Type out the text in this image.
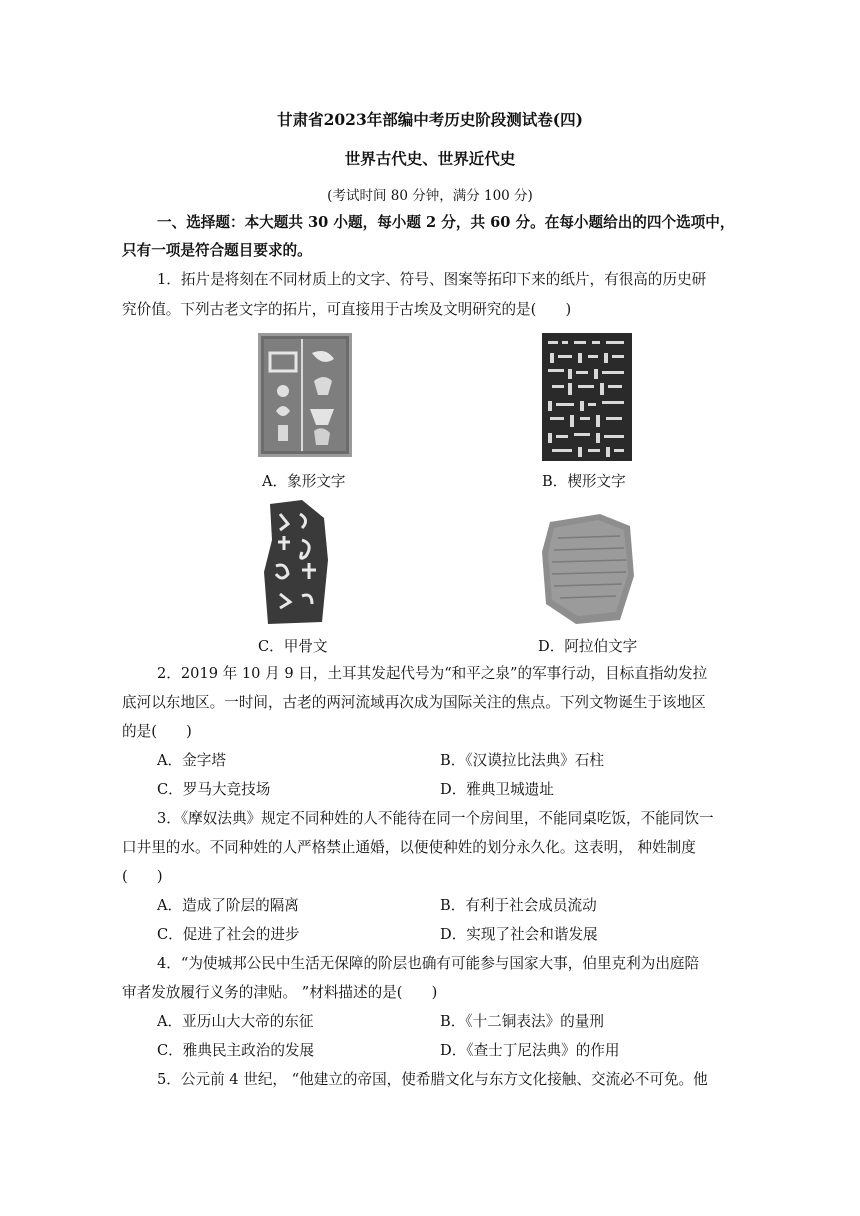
甘肃省2023年部编中考历史阶段测试卷(四)
世界古代史、世界近代史
(考试时间 80 分钟，满分 100 分)
一、选择题：本大题共 30 小题，每小题 2 分，共 60 分。在每小题给出的四个选项中，
只有一项是符合题目要求的。
1．拓片是将刻在不同材质上的文字、符号、图案等拓印下来的纸片，有很高的历史研
究价值。下列古老文字的拓片，可直接用于古埃及文明研究的是(　　)
A．象形文字	B．楔形文字
C．甲骨文	D．阿拉伯文字
2．2019 年 10 月 9 日，土耳其发起代号为“和平之泉”的军事行动，目标直指幼发拉
底河以东地区。一时间，古老的两河流域再次成为国际关注的焦点。下列文物诞生于该地区
的是(　　)
A．金字塔	B．《汉谟拉比法典》石柱
C．罗马大竞技场	D．雅典卫城遗址
3．《摩奴法典》规定不同种姓的人不能待在同一个房间里，不能同桌吃饭，不能同饮一
口井里的水。不同种姓的人严格禁止通婚，以便使种姓的划分永久化。这表明， 种姓制度
(　　)
A．造成了阶层的隔离	B．有利于社会成员流动
C．促进了社会的进步	D．实现了社会和谐发展
4．“为使城邦公民中生活无保障的阶层也确有可能参与国家大事，伯里克利为出庭陪
审者发放履行义务的津贴。 ”材料描述的是(　　)
A．亚历山大大帝的东征	B．《十二铜表法》的量刑
C．雅典民主政治的发展	D．《查士丁尼法典》的作用
5．公元前 4 世纪， “他建立的帝国，使希腊文化与东方文化接触、交流必不可免。他
